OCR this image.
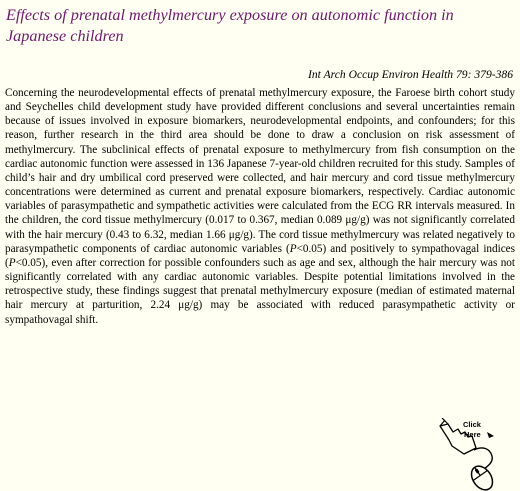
Effects of prenatal methylmercury exposure on autonomic function in Japanese children
Int Arch Occup Environ Health 79: 379-386

Concerning the neurodevelopmental effects of prenatal methylmercury exposure, the Faroese birth cohort study and Seychelles child development study have provided different conclusions and several uncertainties remain because of issues involved in exposure biomarkers, neurodevelopmental endpoints, and confounders; for this reason, further research in the third area should be done to draw a conclusion on risk assessment of methylmercury. The subclinical effects of prenatal exposure to methylmercury from fish consumption on the cardiac autonomic function were assessed in 136 Japanese 7-year-old children recruited for this study. Samples of child’s hair and dry umbilical cord preserved were collected, and hair mercury and cord tissue methylmercury concentrations were determined as current and prenatal exposure biomarkers, respectively. Cardiac autonomic variables of parasympathetic and sympathetic activities were calculated from the ECG RR intervals measured. In the children, the cord tissue methylmercury (0.017 to 0.367, median 0.089 μg/g) was not significantly correlated with the hair mercury (0.43 to 6.32, median 1.66 μg/g). The cord tissue methylmercury was related negatively to parasympathetic components of cardiac autonomic variables (P<0.05) and positively to sympathovagal indices (P<0.05), even after correction for possible confounders such as age and sex, although the hair mercury was not significantly correlated with any cardiac autonomic variables. Despite potential limitations involved in the retrospective study, these findings suggest that prenatal methylmercury exposure (median of estimated maternal hair mercury at parturition, 2.24 μg/g) may be associated with reduced parasympathetic activity or sympathovagal shift.

Click
Here
